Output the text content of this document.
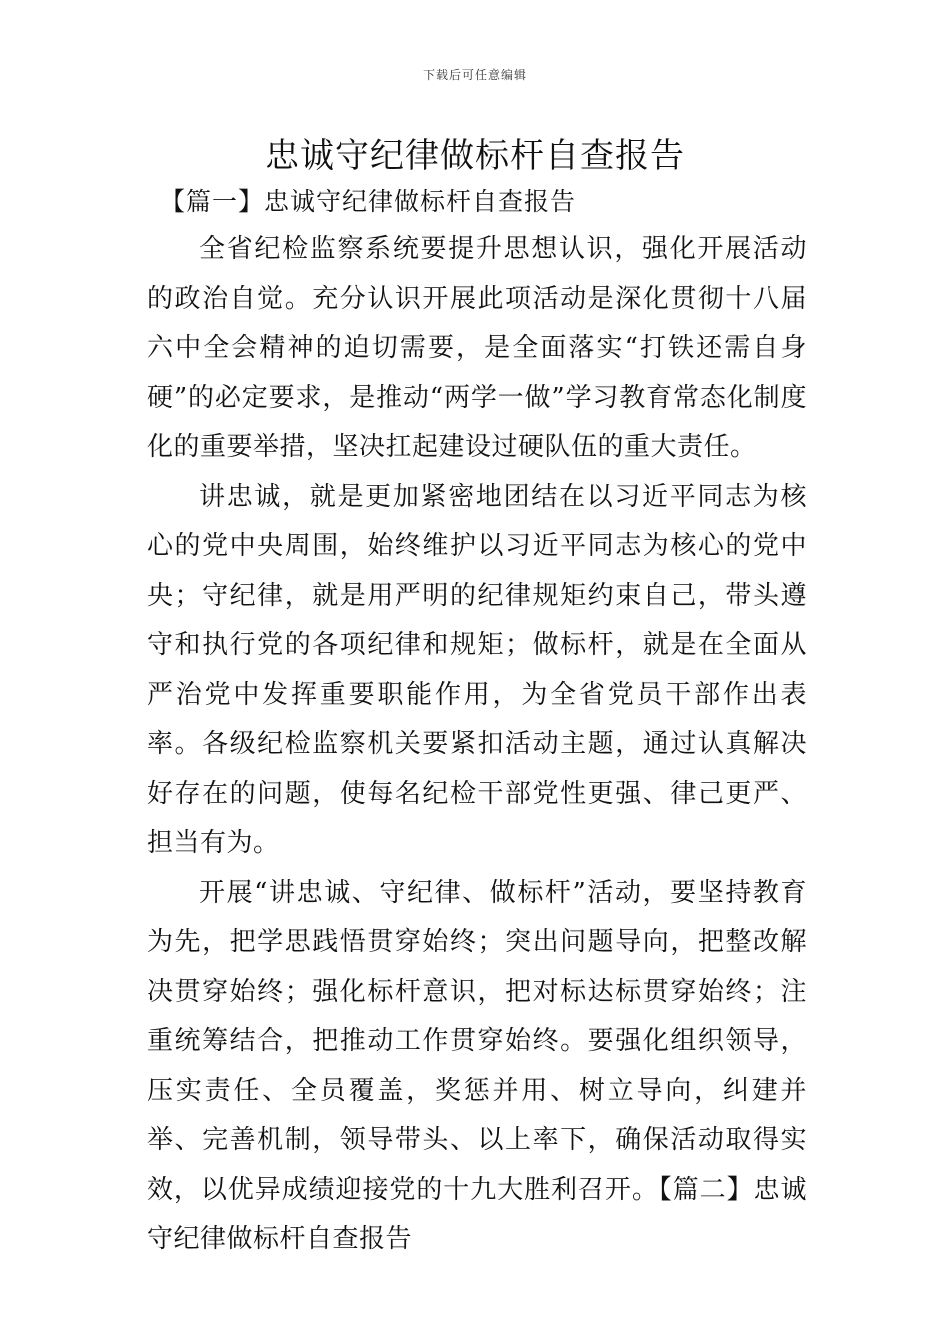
下载后可任意编辑
忠诚守纪律做标杆自查报告
【篇一】忠诚守纪律做标杆自查报告

全省纪检监察系统要提升思想认识，强化开展活动的政治自觉。充分认识开展此项活动是深化贯彻十八届六中全会精神的迫切需要，是全面落实“打铁还需自身硬”的必定要求，是推动“两学一做”学习教育常态化制度化的重要举措，坚决扛起建设过硬队伍的重大责任。

讲忠诚，就是更加紧密地团结在以习近平同志为核心的党中央周围，始终维护以习近平同志为核心的党中央；守纪律，就是用严明的纪律规矩约束自己，带头遵守和执行党的各项纪律和规矩；做标杆，就是在全面从严治党中发挥重要职能作用，为全省党员干部作出表率。各级纪检监察机关要紧扣活动主题，通过认真解决好存在的问题，使每名纪检干部党性更强、律己更严、担当有为。

开展“讲忠诚、守纪律、做标杆”活动，要坚持教育为先，把学思践悟贯穿始终；突出问题导向，把整改解决贯穿始终；强化标杆意识，把对标达标贯穿始终；注重统筹结合，把推动工作贯穿始终。要强化组织领导，压实责任、全员覆盖，奖惩并用、树立导向，纠建并举、完善机制，领导带头、以上率下，确保活动取得实效，以优异成绩迎接党的十九大胜利召开。【篇二】忠诚守纪律做标杆自查报告
